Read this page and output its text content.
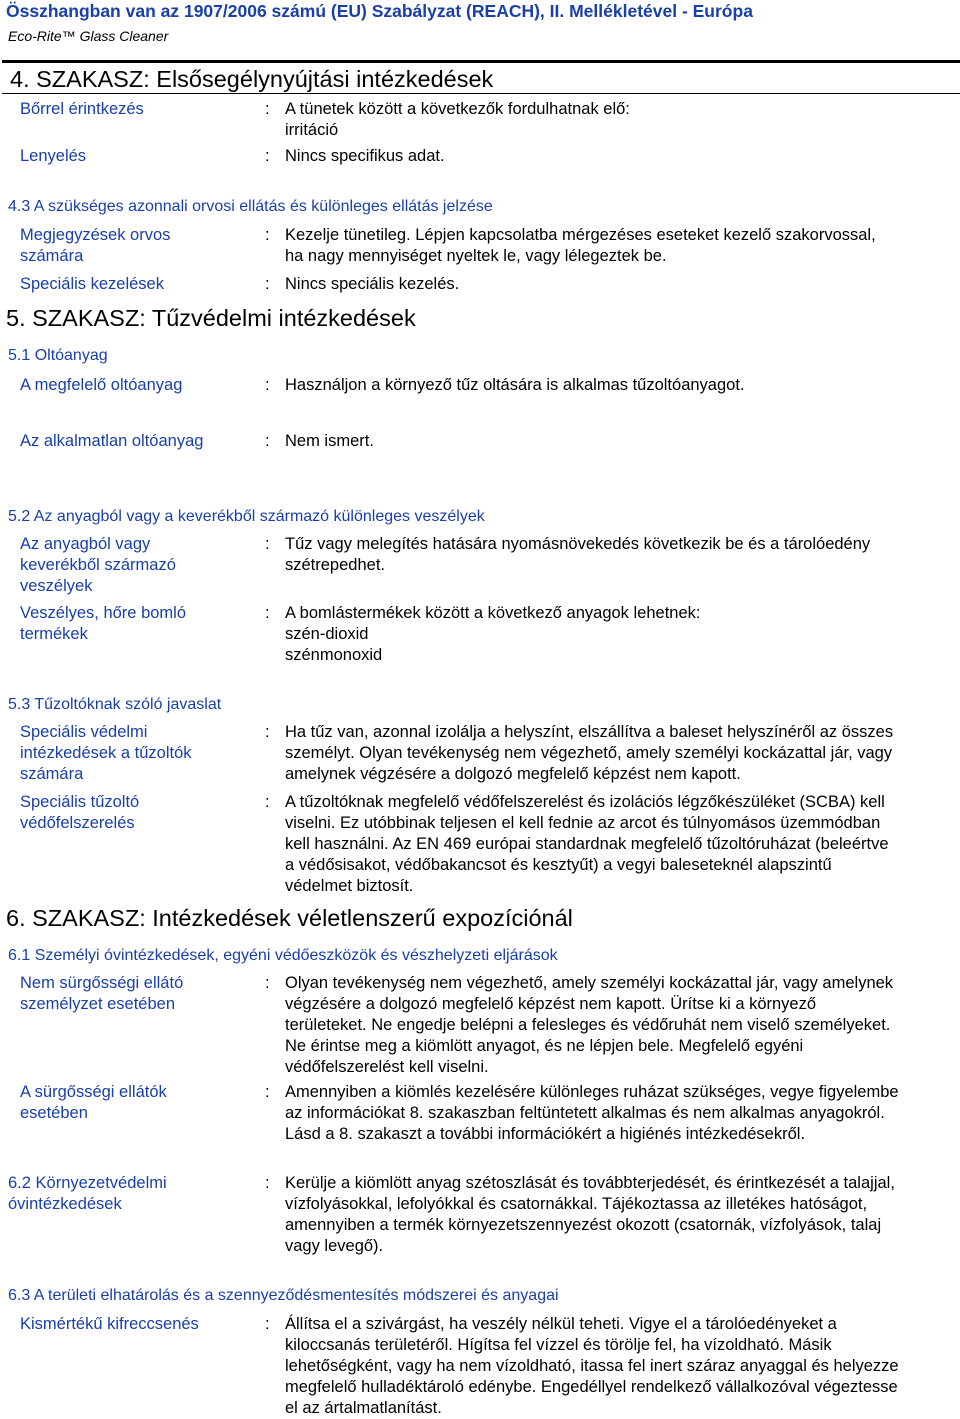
Összhangban van az 1907/2006 számú (EU) Szabályzat (REACH), II. Mellékletével - Európa
Eco-Rite™ Glass Cleaner
4. SZAKASZ: Elsősegélynyújtási intézkedések
Bőrrel érintkezés	: A tünetek között a következők fordulhatnak elő:
irritáció
Lenyelés	: Nincs specifikus adat.
4.3 A szükséges azonnali orvosi ellátás és különleges ellátás jelzése
Megjegyzések orvos
számára
: Kezelje tünetileg. Lépjen kapcsolatba mérgezéses eseteket kezelő szakorvossal,
ha nagy mennyiséget nyeltek le, vagy lélegeztek be.
Speciális kezelések	: Nincs speciális kezelés.
5. SZAKASZ: Tűzvédelmi intézkedések
5.1 Oltóanyag
A megfelelő oltóanyag	: Használjon a környező tűz oltására is alkalmas tűzoltóanyagot.
Az alkalmatlan oltóanyag	: Nem ismert.
5.2 Az anyagból vagy a keverékből származó különleges veszélyek
Az anyagból vagy
keverékből származó
veszélyek
: Tűz vagy melegítés hatására nyomásnövekedés következik be és a tárolóedény
szétrepedhet.
Veszélyes, hőre bomló
termékek
: A bomlástermékek között a következő anyagok lehetnek:
szén-dioxid
szénmonoxid
5.3 Tűzoltóknak szóló javaslat
Speciális védelmi
intézkedések a tűzoltók
számára
: Ha tűz van, azonnal izolálja a helyszínt, elszállítva a baleset helyszínéről az összes
személyt. Olyan tevékenység nem végezhető, amely személyi kockázattal jár, vagy
amelynek végzésére a dolgozó megfelelő képzést nem kapott.
Speciális tűzoltó
védőfelszerelés
: A tűzoltóknak megfelelő védőfelszerelést és izolációs légzőkészüléket (SCBA) kell
viselni. Ez utóbbinak teljesen el kell fednie az arcot és túlnyomásos üzemmódban
kell használni. Az EN 469 európai standardnak megfelelő tűzoltóruházat (beleértve
a védősisakot, védőbakancsot és kesztyűt) a vegyi baleseteknél alapszintű
védelmet biztosít.
6. SZAKASZ: Intézkedések véletlenszerű expozíciónál
6.1 Személyi óvintézkedések, egyéni védőeszközök és vészhelyzeti eljárások
Nem sürgősségi ellátó
személyzet esetében
: Olyan tevékenység nem végezhető, amely személyi kockázattal jár, vagy amelynek
végzésére a dolgozó megfelelő képzést nem kapott. Ürítse ki a környező
területeket. Ne engedje belépni a felesleges és védőruhát nem viselő személyeket.
Ne érintse meg a kiömlött anyagot, és ne lépjen bele. Megfelelő egyéni
védőfelszerelést kell viselni.
A sürgősségi ellátók
esetében
: Amennyiben a kiömlés kezelésére különleges ruházat szükséges, vegye figyelembe
az információkat 8. szakaszban feltüntetett alkalmas és nem alkalmas anyagokról.
Lásd a 8. szakaszt a további információkért a higiénés intézkedésekről.
6.2 Környezetvédelmi
óvintézkedések
: Kerülje a kiömlött anyag szétoszlását és továbbterjedését, és érintkezését a talajjal,
vízfolyásokkal, lefolyókkal és csatornákkal. Tájékoztassa az illetékes hatóságot,
amennyiben a termék környezetszennyezést okozott (csatornák, vízfolyások, talaj
vagy levegő).
6.3 A területi elhatárolás és a szennyeződésmentesítés módszerei és anyagai
Kismértékű kifreccsenés	: Állítsa el a szivárgást, ha veszély nélkül teheti. Vigye el a tárolóedényeket a
kiloccsanás területéről. Hígítsa fel vízzel és törölje fel, ha vízoldható. Másik
lehetőségként, vagy ha nem vízoldható, itassa fel inert száraz anyaggal és helyezze
megfelelő hulladéktároló edénybe. Engedéllyel rendelkező vállalkozóval végeztesse
el az ártalmatlanítást.
